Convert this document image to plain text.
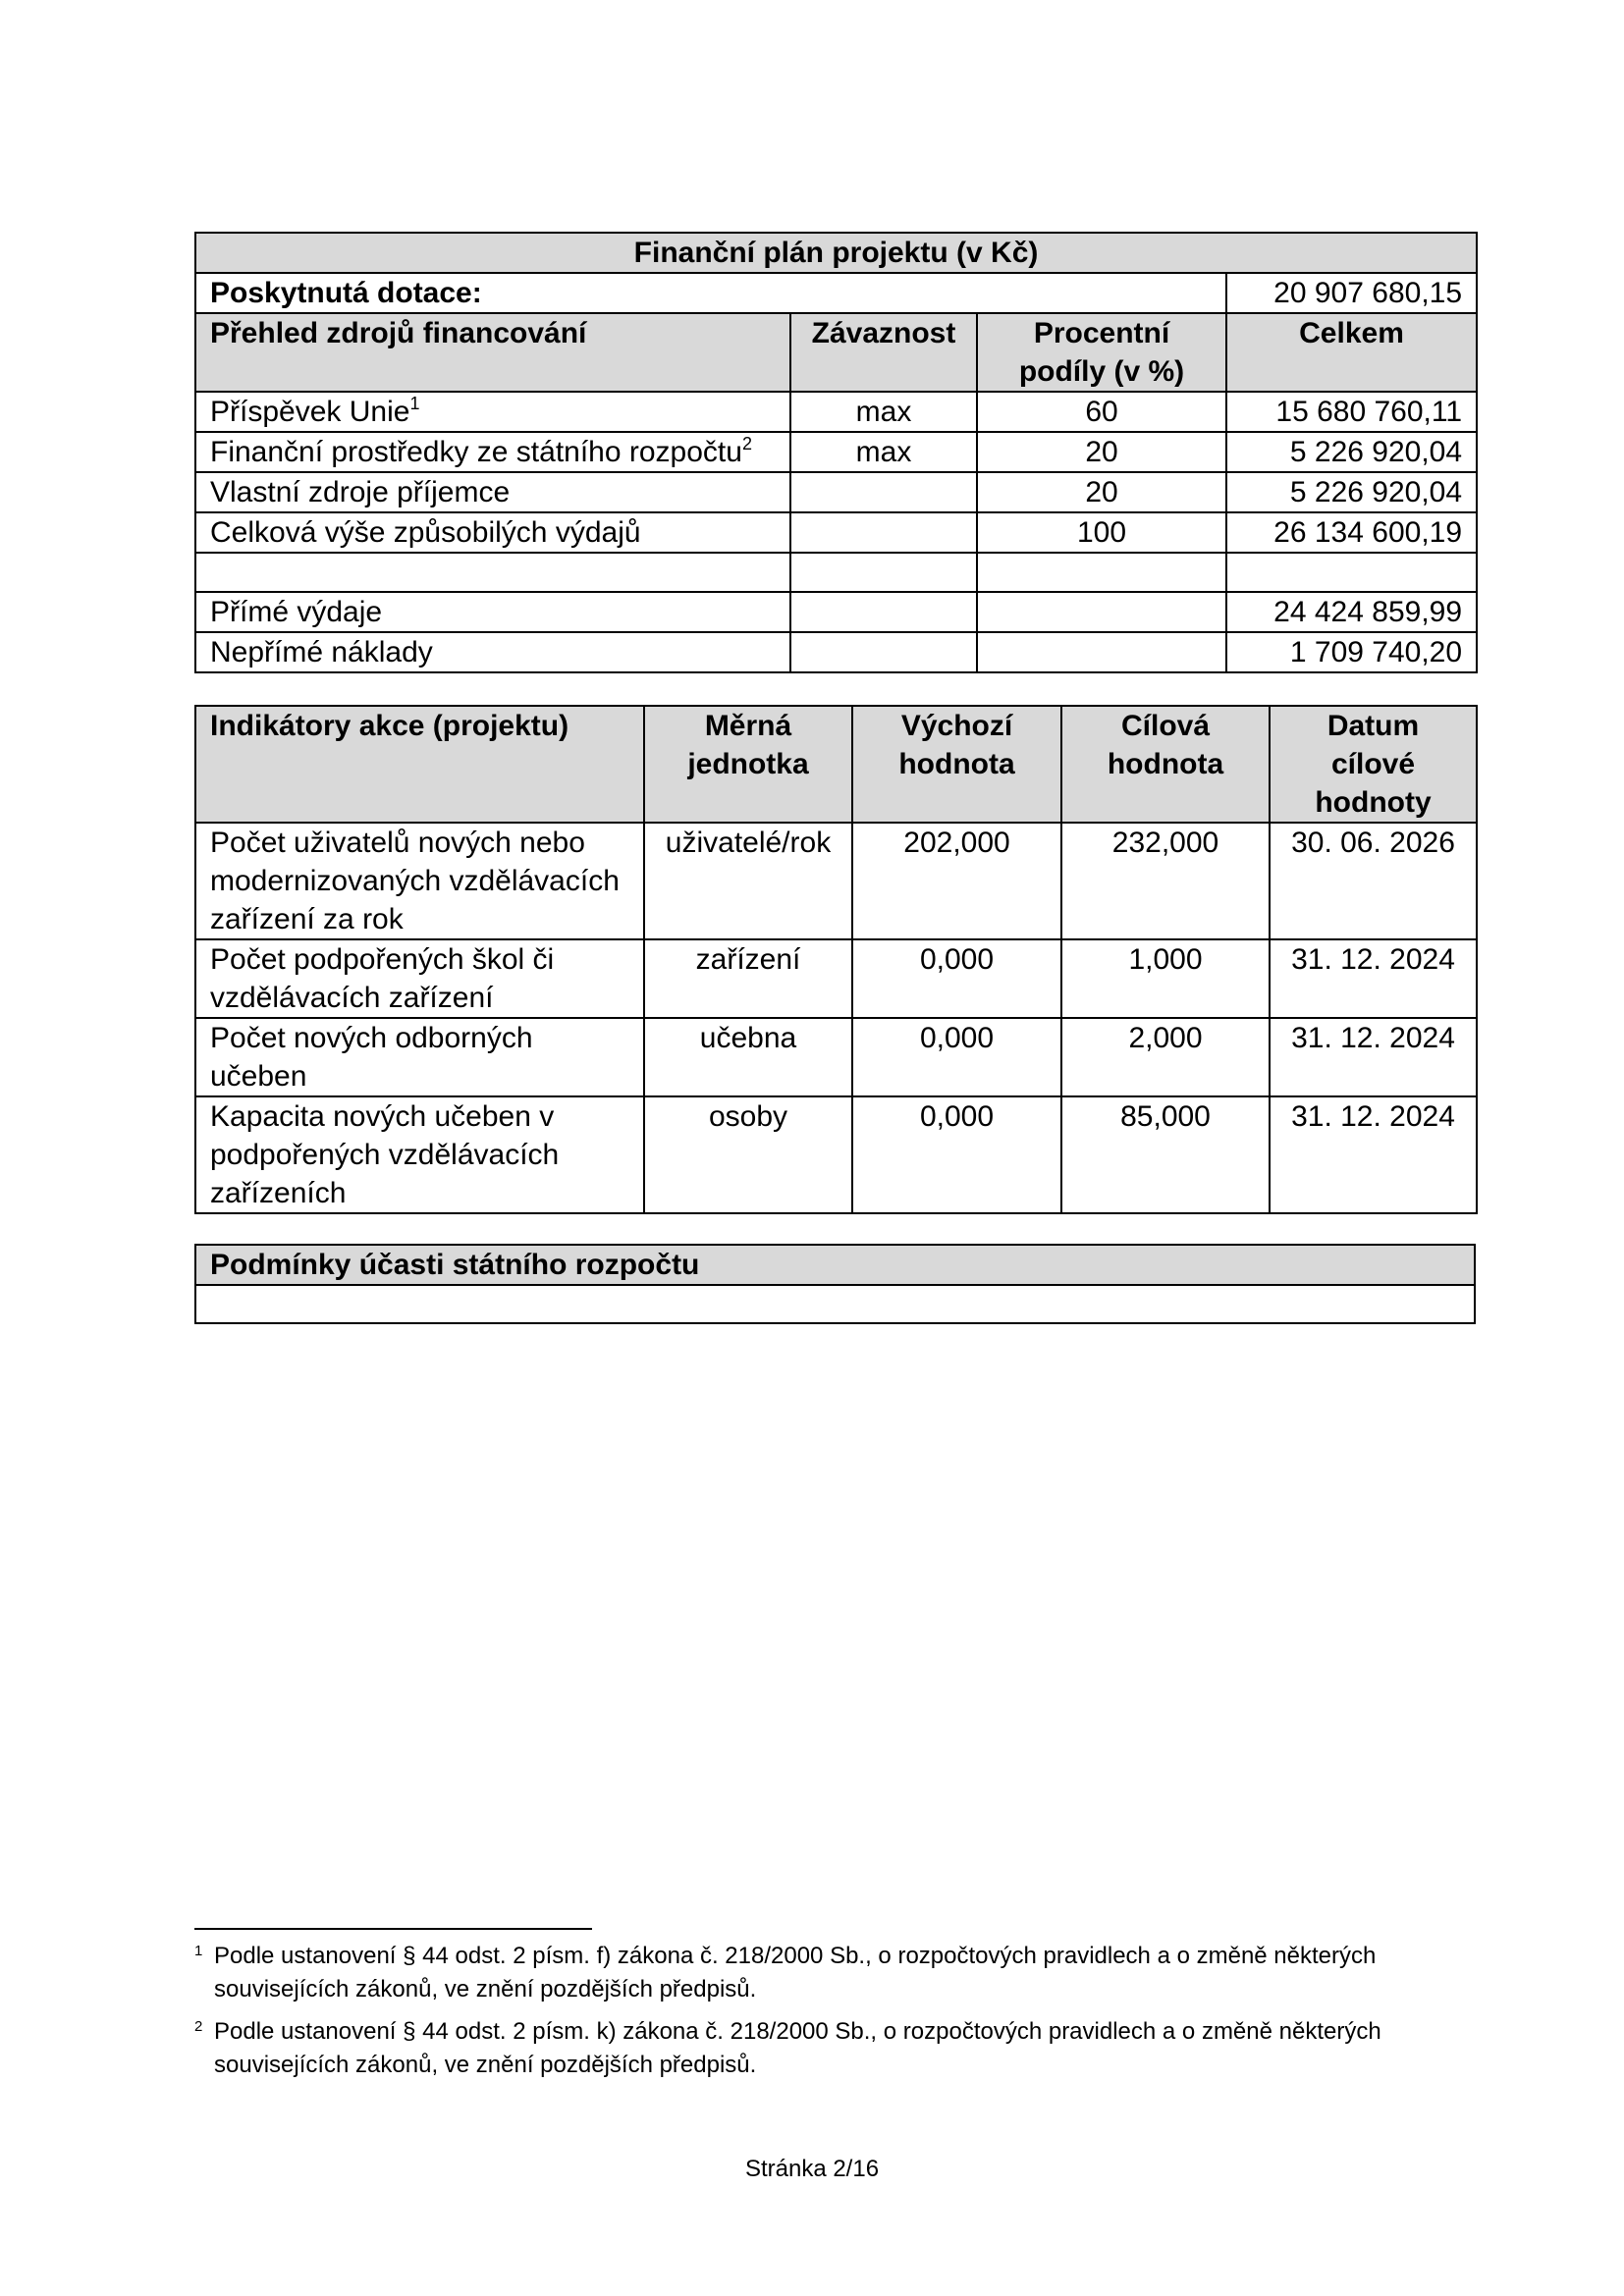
Finanční plán projektu (v Kč)			
Poskytnutá dotace:			20 907 680,15
Přehled zdrojů financování	Závaznost	Procentní podíly (v %)	Celkem
Příspěvek Unie$^1$	max	60	15 680 760,11
Finanční prostředky ze státního rozpočtu$^2$	max	20	5 226 920,04
Vlastní zdroje příjemce		20	5 226 920,04
Celková výše způsobilých výdajů		100	26 134 600,19

Přímé výdaje			24 424 859,99
Nepřímé náklady			1 709 740,20
Indikátory akce (projektu)	Měrná jednotka	Výchozí hodnota	Cílová hodnota	Datum cílové hodnoty
Počet uživatelů nových nebo modernizovaných vzdělávacích zařízení za rok	uživatelé/rok	202,000	232,000	30. 06. 2026
Počet podpořených škol či vzdělávacích zařízení	zařízení	0,000	1,000	31. 12. 2024
Počet nových odborných učeben	učebna	0,000	2,000	31. 12. 2024
Kapacita nových učeben v podpořených vzdělávacích zařízeních	osoby	0,000	85,000	31. 12. 2024
Podmínky účasti státního rozpočtu

1 Podle ustanovení § 44 odst. 2 písm. f) zákona č. 218/2000 Sb., o rozpočtových pravidlech a o změně některých souvisejících zákonů, ve znění pozdějších předpisů.
2 Podle ustanovení § 44 odst. 2 písm. k) zákona č. 218/2000 Sb., o rozpočtových pravidlech a o změně některých souvisejících zákonů, ve znění pozdějších předpisů.
Stránka 2/16
